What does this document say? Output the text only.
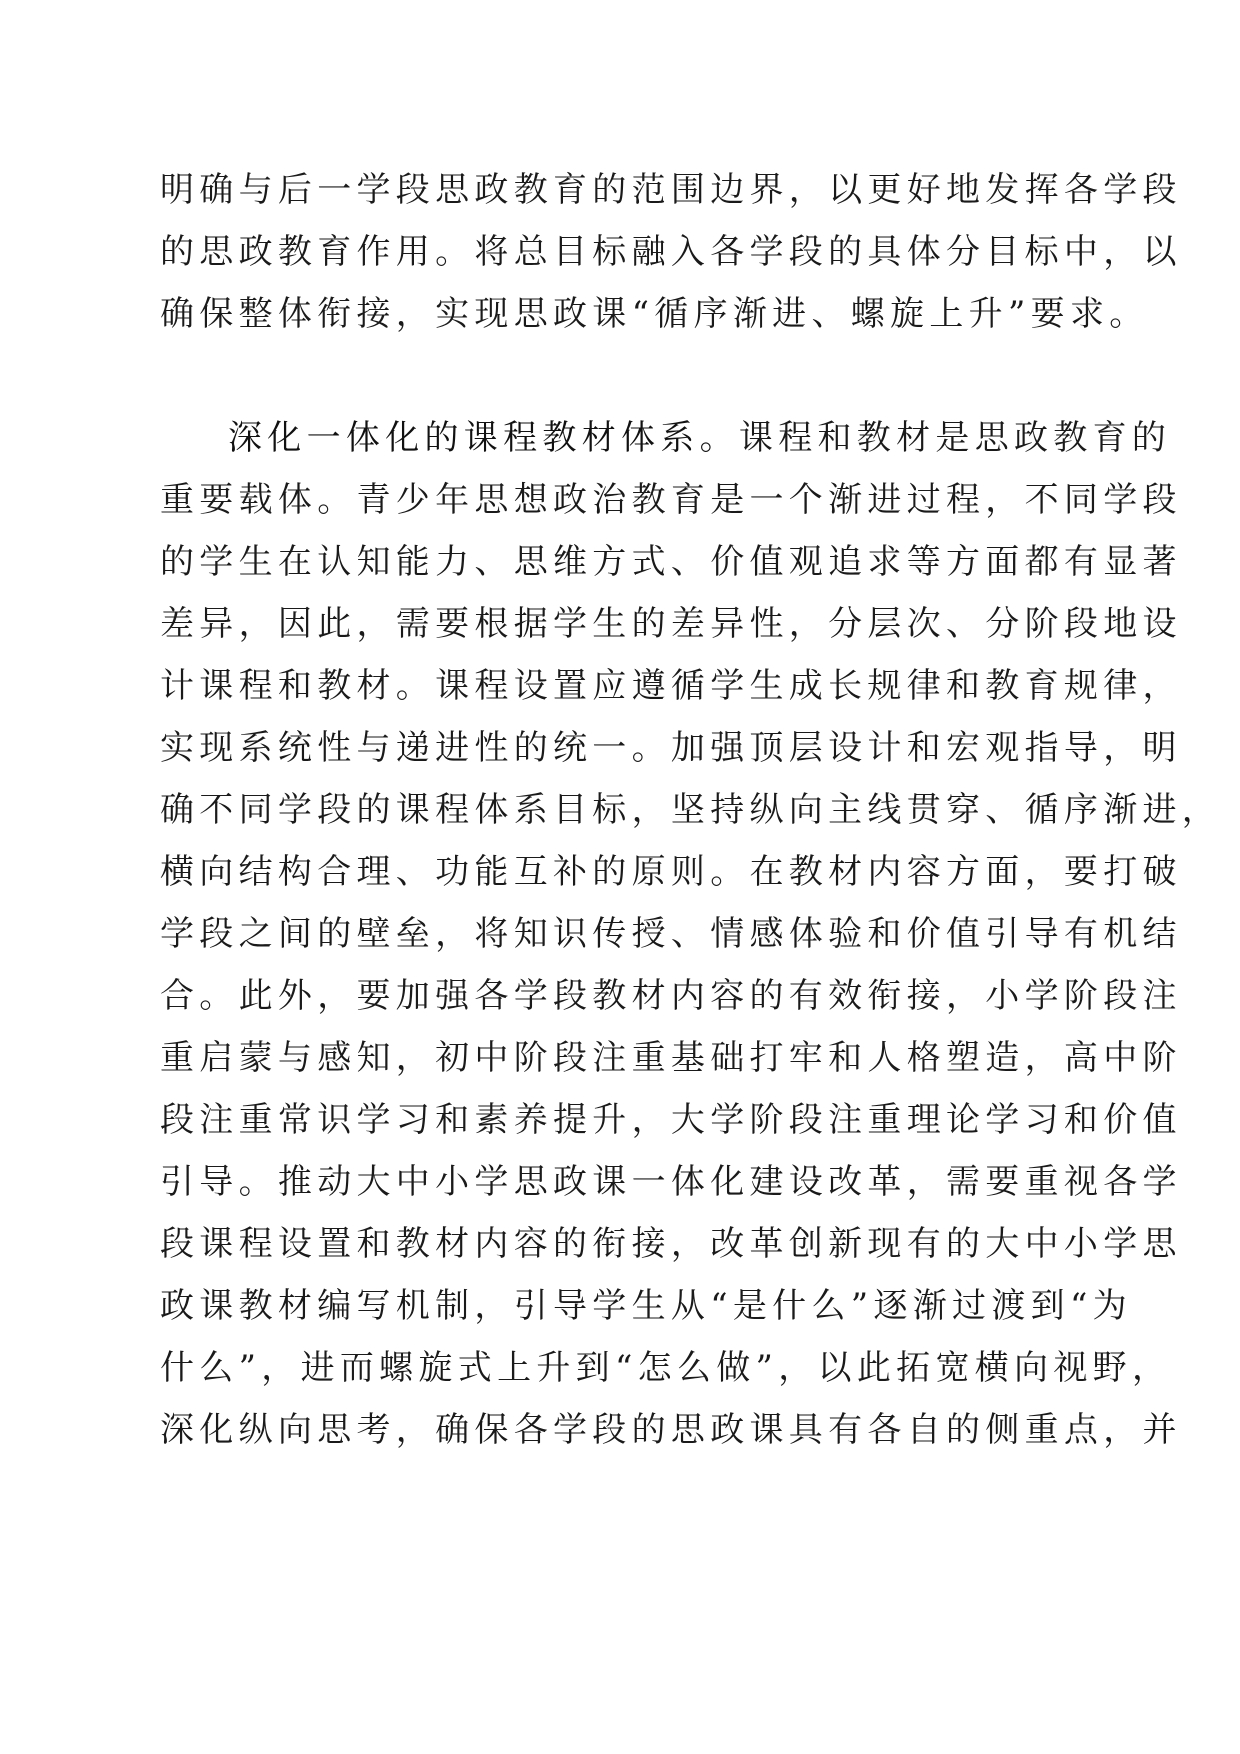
明确与后一学段思政教育的范围边界，以更好地发挥各学段
的思政教育作用。将总目标融入各学段的具体分目标中，以
确保整体衔接，实现思政课“循序渐进、螺旋上升”要求。
深化一体化的课程教材体系。课程和教材是思政教育的
重要载体。青少年思想政治教育是一个渐进过程，不同学段
的学生在认知能力、思维方式、价值观追求等方面都有显著
差异，因此，需要根据学生的差异性，分层次、分阶段地设
计课程和教材。课程设置应遵循学生成长规律和教育规律，
实现系统性与递进性的统一。加强顶层设计和宏观指导，明
确不同学段的课程体系目标，坚持纵向主线贯穿、循序渐进，
横向结构合理、功能互补的原则。在教材内容方面，要打破
学段之间的壁垒，将知识传授、情感体验和价值引导有机结
合。此外，要加强各学段教材内容的有效衔接，小学阶段注
重启蒙与感知，初中阶段注重基础打牢和人格塑造，高中阶
段注重常识学习和素养提升，大学阶段注重理论学习和价值
引导。推动大中小学思政课一体化建设改革，需要重视各学
段课程设置和教材内容的衔接，改革创新现有的大中小学思
政课教材编写机制，引导学生从“是什么”逐渐过渡到“为
什么”，进而螺旋式上升到“怎么做”，以此拓宽横向视野，
深化纵向思考，确保各学段的思政课具有各自的侧重点，并
